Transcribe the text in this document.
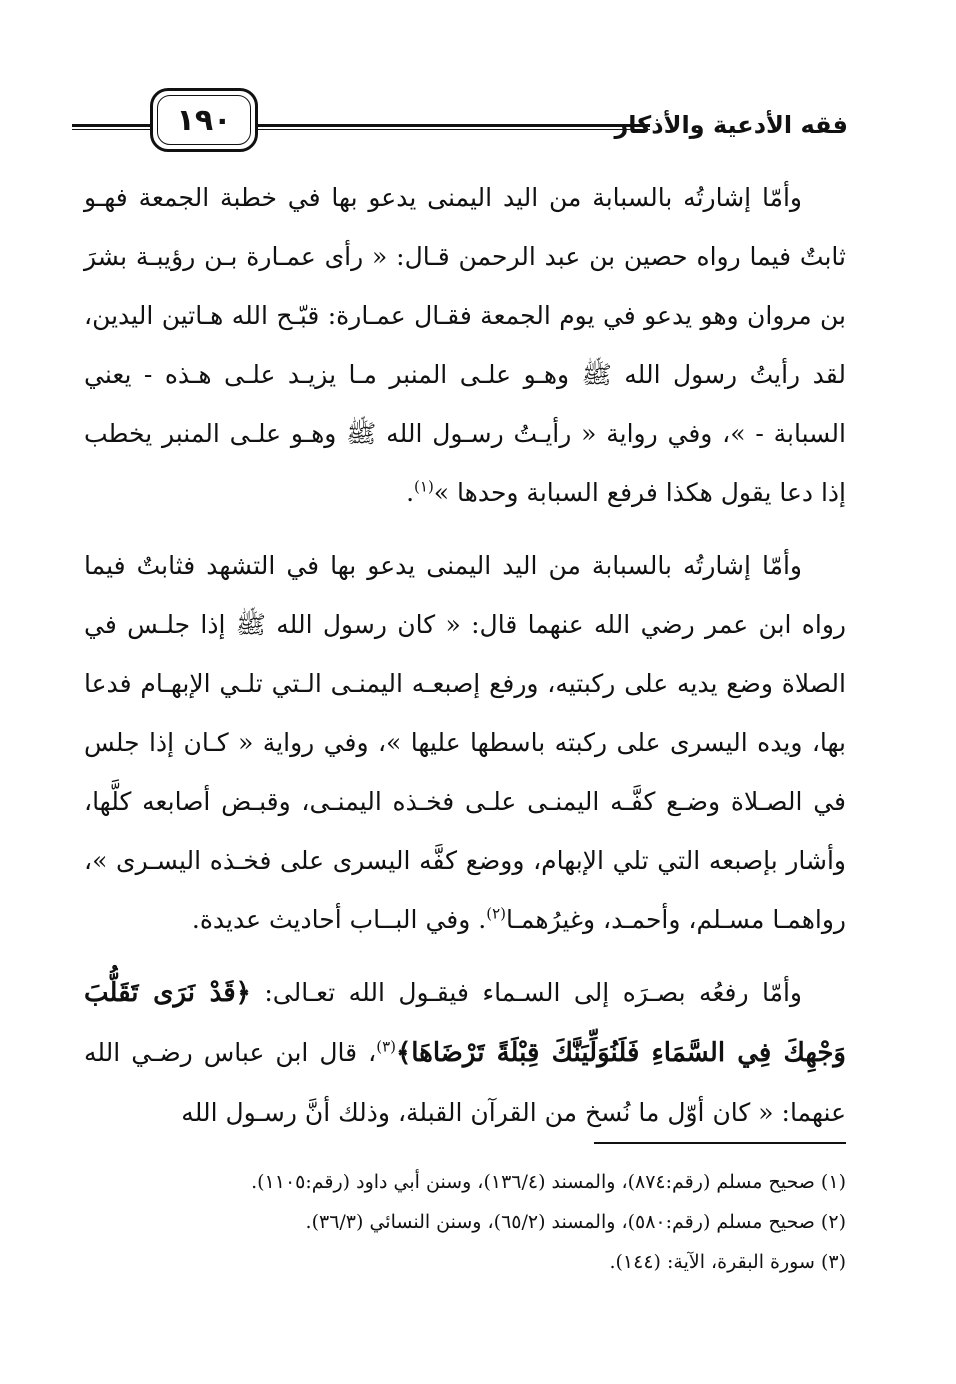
فقه الأدعية والأذكار
١٩٠

وأمّا إشارتُه بالسبابة من اليد اليمنى يدعو بها في خطبة الجمعة فهـو ثابتٌ فيما رواه حصين بن عبد الرحمن قـال: « رأى عمـارة بـن رؤيبـة بشرَ بن مروان وهو يدعو في يوم الجمعة فقـال عمـارة: قبّـح الله هـاتين اليدين، لقد رأيتُ رسول الله ﷺ وهـو علـى المنبر مـا يزيـد علـى هـذه - يعني السبابة - »، وفي رواية « رأيـتُ رسـول الله ﷺ وهـو علـى المنبر يخطب إذا دعا يقول هكذا فرفع السبابة وحدها »$^{(١)}$.

وأمّا إشارتُه بالسبابة من اليد اليمنى يدعو بها في التشهد فثابتٌ فيما رواه ابن عمر رضي الله عنهما قال: « كان رسول الله ﷺ إذا جلـس في الصلاة وضع يديه على ركبتيه، ورفع إصبعـه اليمنـى الـتي تلـي الإبهـام فدعا بها، ويده اليسرى على ركبته باسطها عليها »، وفي رواية « كـان إذا جلس في الصـلاة وضـع كفَّـه اليمنـى علـى فخـذه اليمنـى، وقبـض أصابعه كلَّها، وأشار بإصبعه التي تلي الإبهام، ووضع كفَّه اليسرى على فخـذه اليسـرى »، رواهمـا مسـلم، وأحمـد، وغيرُهمـا$^{(٢)}$. وفي البــاب أحاديث عديدة.

وأمّا رفعُه بصـرَه إلى السـماء فيقـول الله تعـالى: ﴿قَدْ نَرَى تَقَلُّبَ وَجْهِكَ فِي السَّمَاءِ فَلَنُوَلِّيَنَّكَ قِبْلَةً تَرْضَاهَا﴾$^{(٣)}$، قال ابن عباس رضـي الله عنهما: « كان أوّل ما نُسخ من القرآن القبلة، وذلك أنَّ رسـول الله

(١) صحيح مسلم (رقم:٨٧٤)، والمسند (١٣٦/٤)، وسنن أبي داود (رقم:١١٠٥).
(٢) صحيح مسلم (رقم:٥٨٠)، والمسند (٦٥/٢)، وسنن النسائي (٣٦/٣).
(٣) سورة البقرة، الآية: (١٤٤).
